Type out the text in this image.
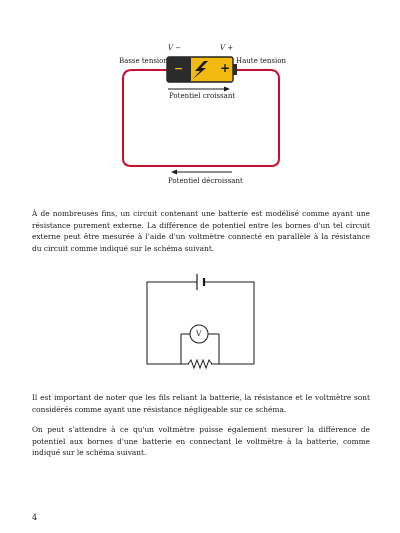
−	+
V −	V +
Basse tension	Haute tension
Potentiel croissant
Potentiel décroissant

À de nombreuses fins, un circuit contenant une batterie est modélisé comme ayant une résistance purement externe. La différence de potentiel entre les bornes d'un tel circuit externe peut être mesurée à l'aide d'un voltmètre connecté en parallèle à la résistance du circuit comme indiqué sur le schéma suivant.

V

Il est important de noter que les fils reliant la batterie, la résistance et le voltmètre sont considérés comme ayant une résistance négligeable sur ce schéma.

On peut s'attendre à ce qu'un voltmètre puisse également mesurer la différence de potentiel aux bornes d'une batterie en connectant le voltmètre à la batterie, comme indiqué sur le schéma suivant.

4
